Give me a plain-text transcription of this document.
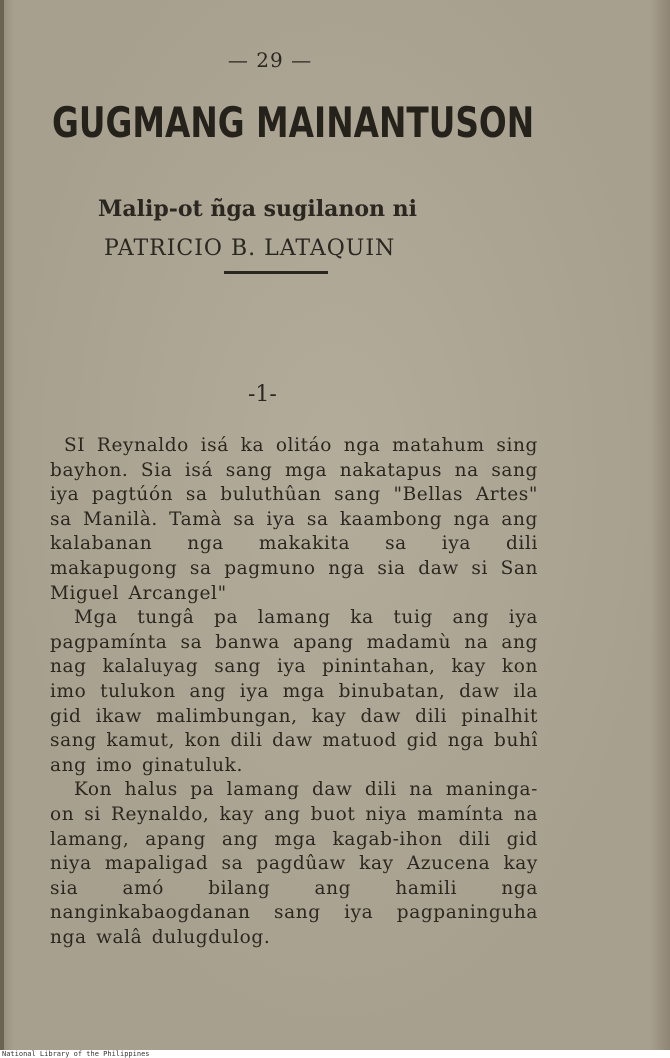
— 29 —
GUGMANG MAINANTUSON
Malip-ot ñga sugilanon ni
PATRICIO B. LATAQUIN
-1-

SI Reynaldo isá ka olitáo nga matahum sing bayhon. Sia isá sang mga nakatapus na sang iya pagtúón sa buluthûan sang "Bellas Artes" sa Manilà. Tamà sa iya sa kaambong nga ang kalabanan nga makakita sa iya dili makapugong sa pagmuno nga sia daw si San Miguel Arcangel"

Mga tungâ pa lamang ka tuig ang iya pagpamínta sa banwa apang madamù na ang nag kalaluyag sang iya pinintahan, kay kon imo tulukon ang iya mga binubatan, daw ila gid ikaw malimbungan, kay daw dili pinalhit sang kamut, kon dili daw matuod gid nga buhî ang imo ginatuluk.

Kon halus pa lamang daw dili na maninga-on si Reynaldo, kay ang buot niya mamínta na lamang, apang ang mga kagab-ihon dili gid niya mapaligad sa pagdûaw kay Azucena kay sia amó bilang ang hamili nga nanginkabaogdanan sang iya pagpaninguha nga walâ dulugdulog.

National Library of the Philippines
